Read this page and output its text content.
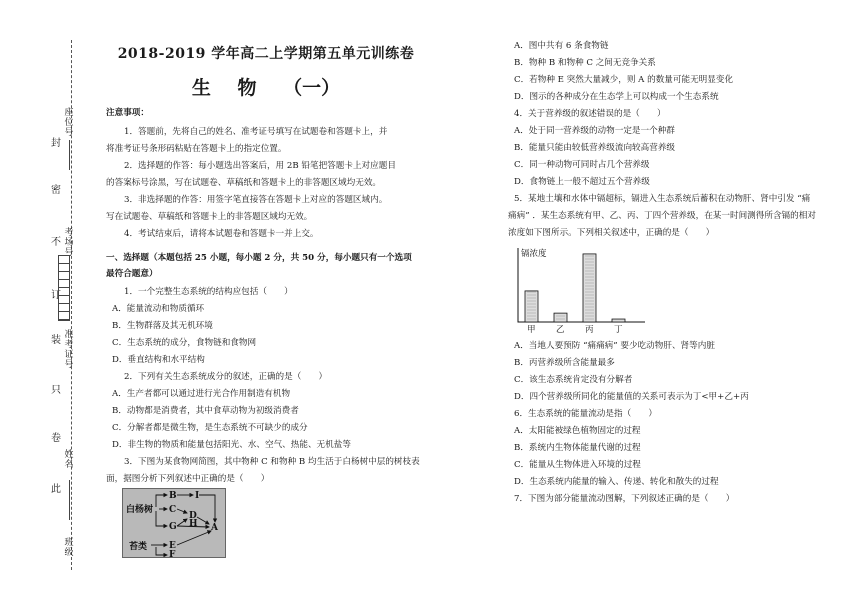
封
密
不
订
装
只
卷
此
座位号
考场号
准考证号
姓名
班级
2018-2019 学年高二上学期第五单元训练卷
生 物 （一）
注意事项：
1．答题前，先将自己的姓名、准考证号填写在试题卷和答题卡上，并
将准考证号条形码粘贴在答题卡上的指定位置。
2．选择题的作答：每小题选出答案后，用 2B 铅笔把答题卡上对应题目
的答案标号涂黑，写在试题卷、草稿纸和答题卡上的非答题区域均无效。
3．非选择题的作答：用签字笔直接答在答题卡上对应的答题区域内。
写在试题卷、草稿纸和答题卡上的非答题区域均无效。
4．考试结束后，请将本试题卷和答题卡一并上交。
一、选择题（本题包括 25 小题，每小题 2 分，共 50 分，每小题只有一个选项
最符合题意）
1．一个完整生态系统的结构应包括（　　）
A．能量流动和物质循环
B．生物群落及其无机环境
C．生态系统的成分，食物链和食物网
D．垂直结构和水平结构
2．下列有关生态系统成分的叙述，正确的是（　　）
A．生产者都可以通过进行光合作用制造有机物
B．动物都是消费者，其中食草动物为初级消费者
C．分解者都是微生物，是生态系统不可缺少的成分
D．非生物的物质和能量包括阳光、水、空气、热能、无机盐等
3．下图为某食物网简图，其中物种 C 和物种 B 均生活于白杨树中层的树枝表
面，据图分析下列叙述中正确的是（　　）
白杨树
苔类
B I
C
D
G H A
E
F
A．图中共有 6 条食物链
B．物种 B 和物种 C 之间无竞争关系
C．若物种 E 突然大量减少，则 A 的数量可能无明显变化
D．图示的各种成分在生态学上可以构成一个生态系统
4．关于营养级的叙述错误的是（　　）
A．处于同一营养级的动物一定是一个种群
B．能量只能由较低营养级流向较高营养级
C．同一种动物可同时占几个营养级
D．食物链上一般不超过五个营养级
5．某地土壤和水体中镉超标，镉进入生态系统后蓄积在动物肝、肾中引发 “痛
痛病” ．某生态系统有甲、乙、丙、丁四个营养级，在某一时间测得所含镉的相对
浓度如下图所示。下列相关叙述中，正确的是（　　）
镉浓度
甲 乙 丙 丁
A．当地人要预防 “痛痛病” 要少吃动物肝、肾等内脏
B．丙营养级所含能量最多
C．该生态系统肯定没有分解者
D．四个营养级所同化的能量值的关系可表示为丁<甲+乙+丙
6．生态系统的能量流动是指（　　）
A．太阳能被绿色植物固定的过程
B．系统内生物体能量代谢的过程
C．能量从生物体进入环境的过程
D．生态系统内能量的输入、传递、转化和散失的过程
7．下图为部分能量流动图解，下列叙述正确的是（　　）
